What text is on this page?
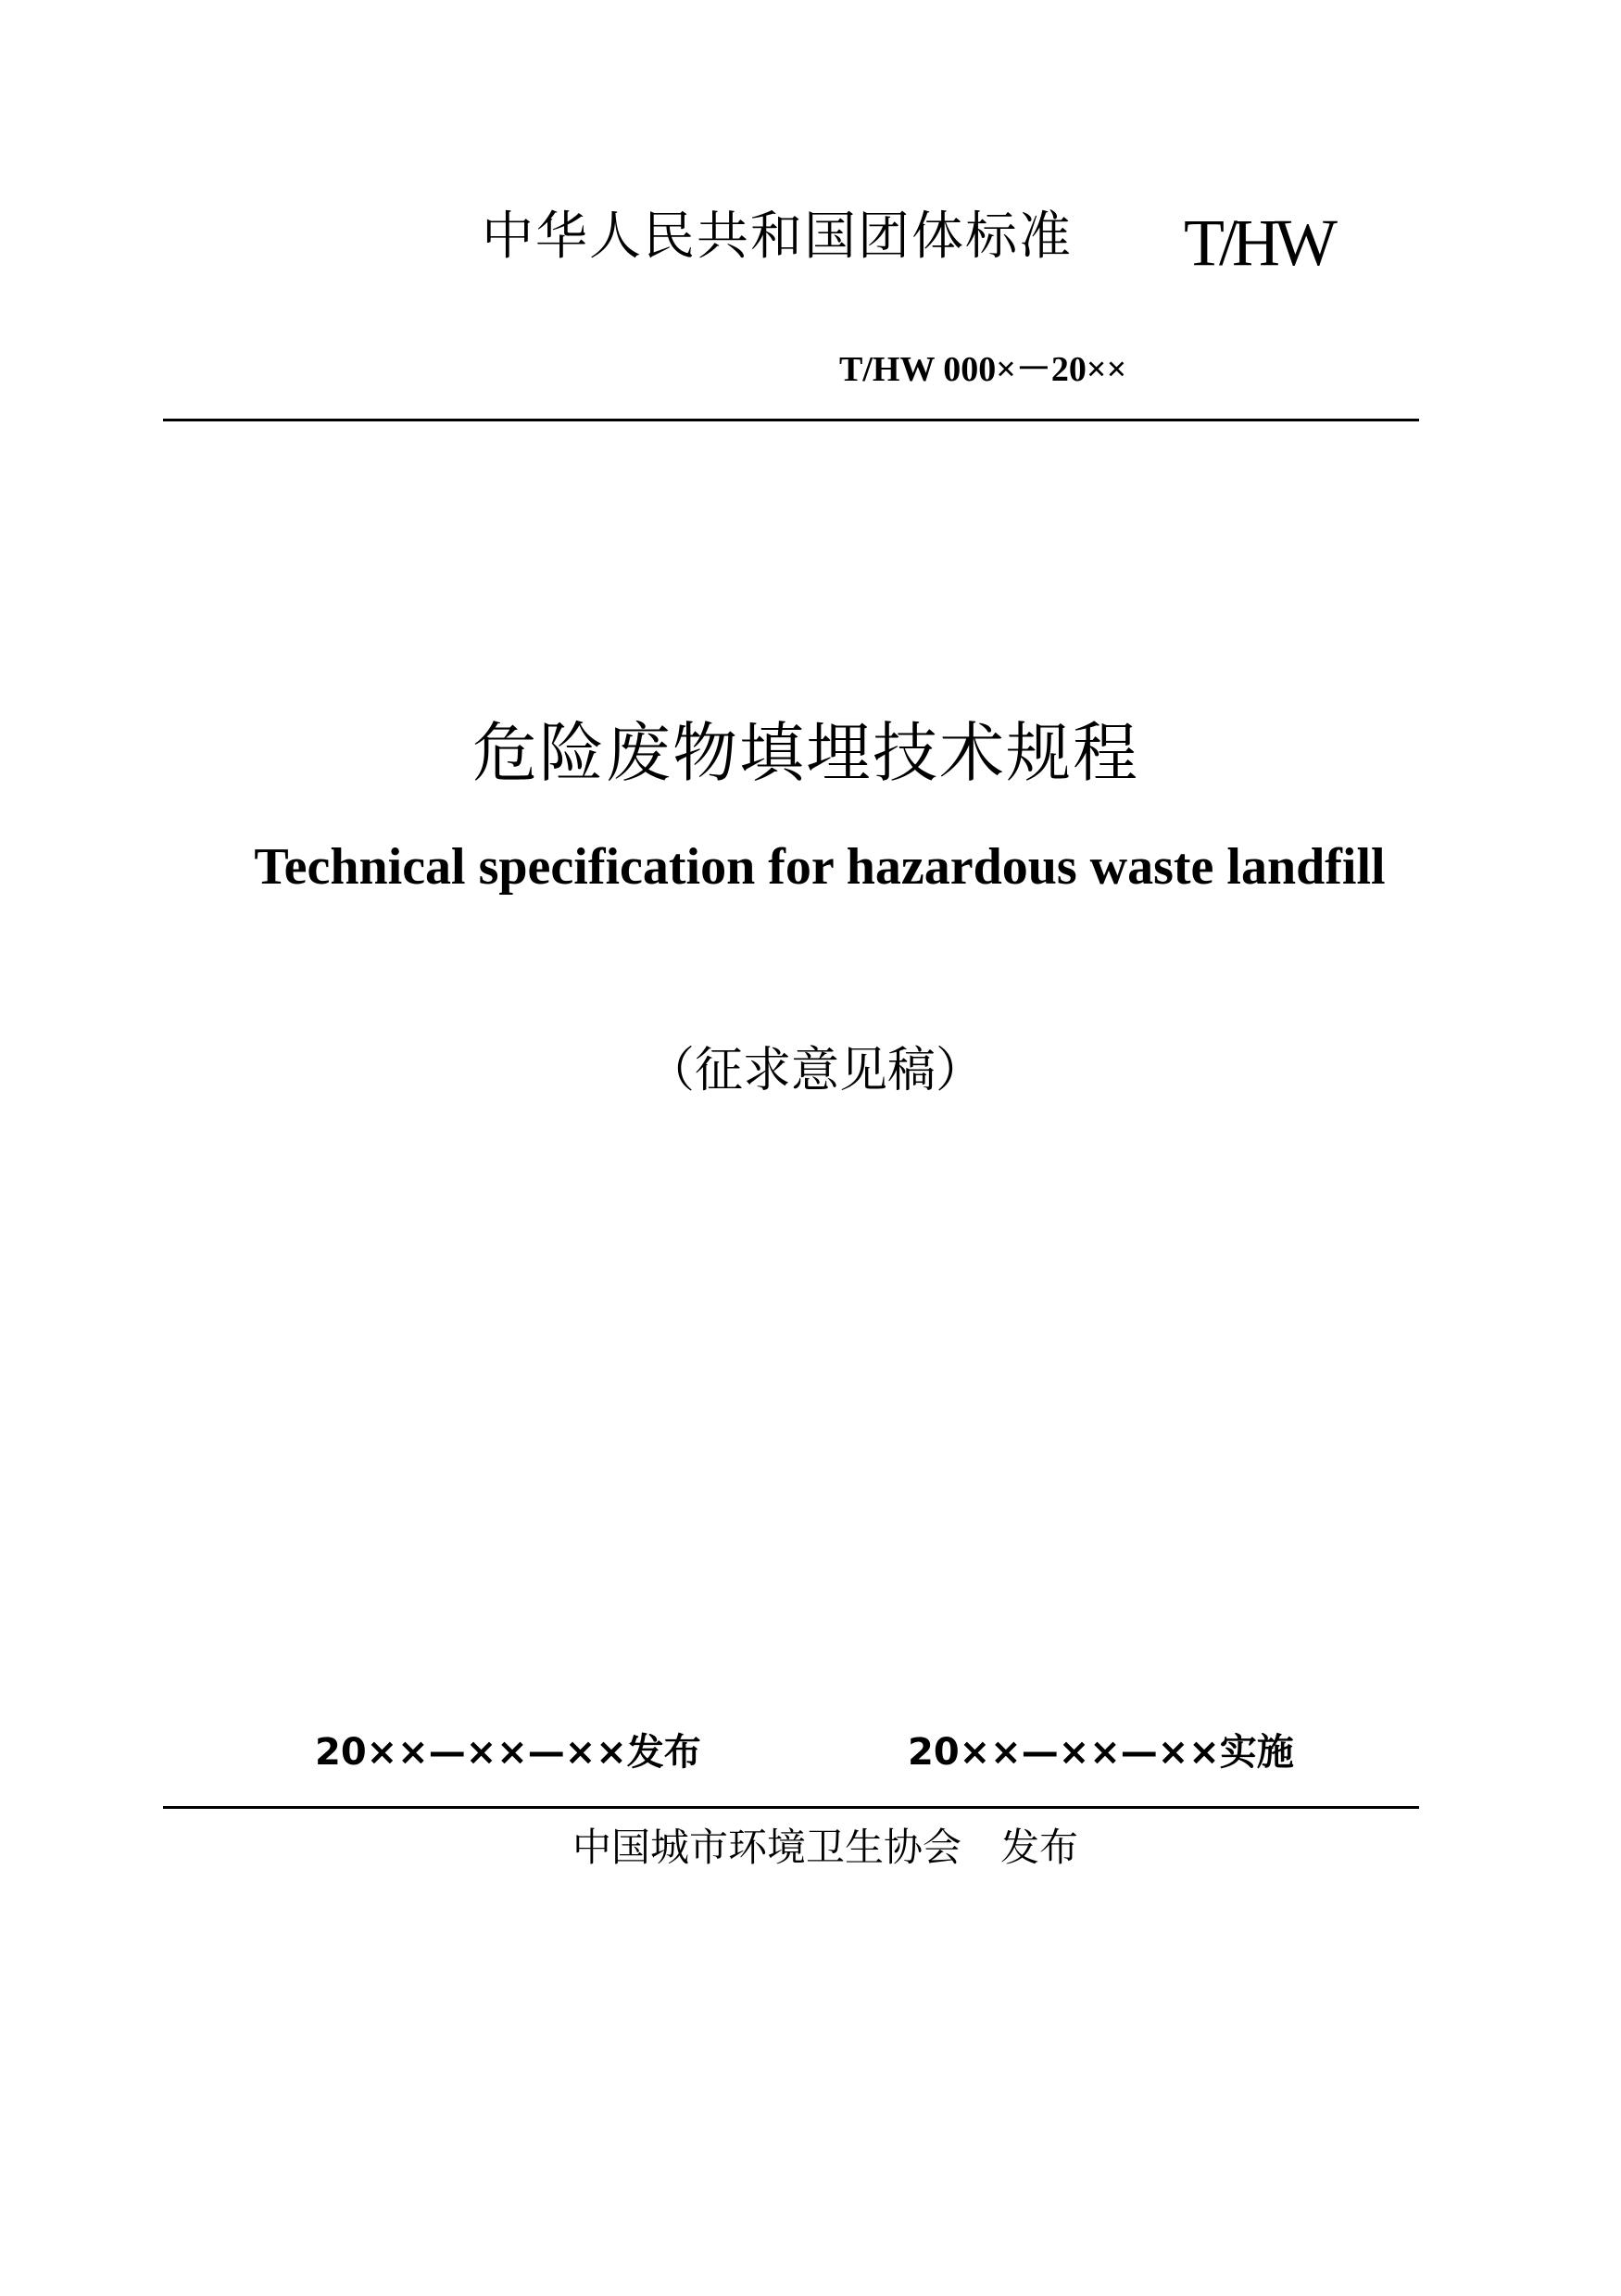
中华人民共和国团体标准 T/HW
T/HW 000×－20××
危险废物填埋技术规程
Technical specification for hazardous waste landfill
（征求意见稿）
20××—××—××发布	20××—××—××实施
中国城市环境卫生协会　发布
